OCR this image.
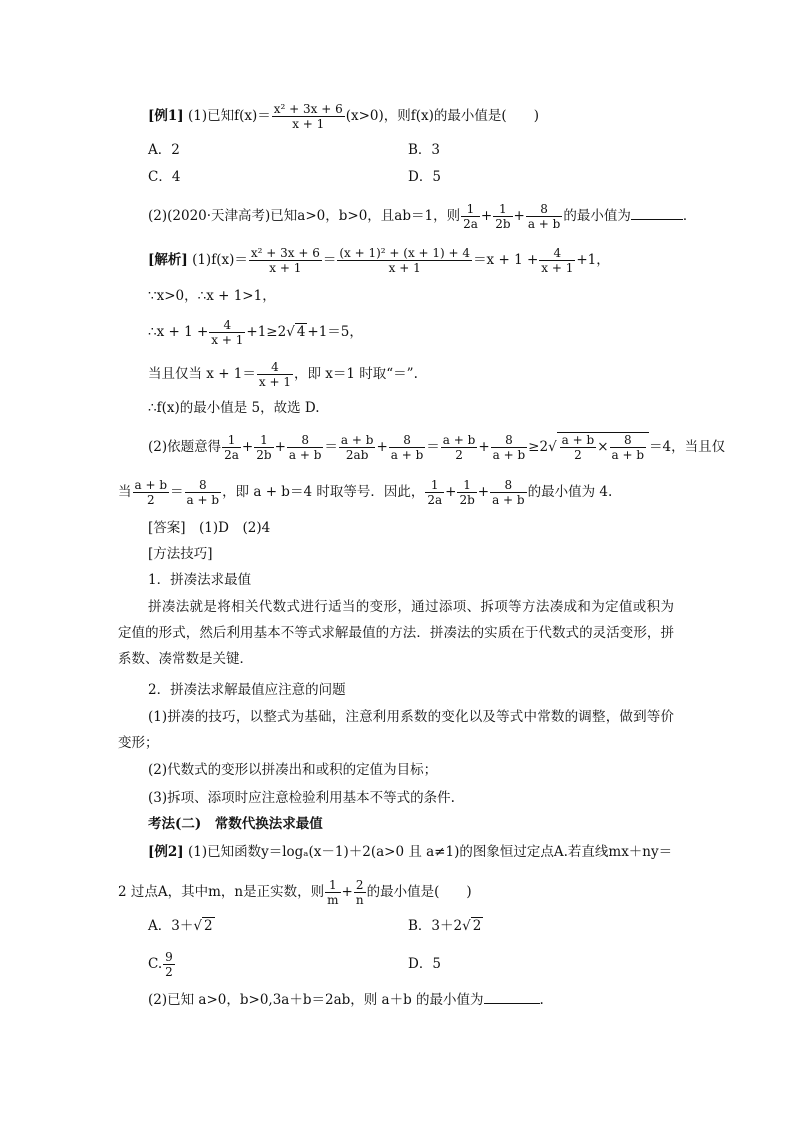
[例1] (1)已知$f(x)= \frac{\text{x² + 3x + 6}}{x + 1} (x>0)$，则f(x)的最小值是(　　)
A．2	B．3
C．4	D．5
(2)(2020·天津高考)已知a>0，b>0，且ab＝1，则 $\frac{1}{2a} + \frac{1}{2b} + \frac{8}{a + b}$ 的最小值为	．
[解析] $(1)f(x)= \frac{\text{x² + 3x + 6}}{x + 1} = \frac{\text{(x + 1)² + (x + 1) + 4}}{x + 1} =x + 1 + \frac{4}{x + 1} +1$，
∵x>0，∴x + 1>1，
∴x + $1 + \frac{4}{x + 1} +1\ge 2√$ 4 +1＝5，
当且仅当 $x + 1= \frac{4}{x + 1}$ ，即 x＝1 时取“＝”.
∴f(x)的最小值是 5，故选 D.
(2)依题意得 $\frac{1}{2a} + \frac{1}{2b} + \frac{8}{a + b} = \frac{a + b}{2ab} + \frac{8}{a + b} = \frac{a + b}{2} + \frac{8}{a + b} \ge 2√ \frac{a + b}{2} \times \frac{8}{a + b} =4$，当且仅
当 $\frac{a + b}{2} = \frac{8}{a + b}$ ，即 a + b＝4 时取等号．因此， $\frac{1}{2a} + \frac{1}{2b} + \frac{8}{a + b}$ 的最小值为 4.
[答案]　(1)D　(2)4
[方法技巧]
1．拼凑法求最值
拼凑法就是将相关代数式进行适当的变形，通过添项、拆项等方法凑成和为定值或积为定值的形式，然后利用基本不等式求解最值的方法．拼凑法的实质在于代数式的灵活变形，拼系数、凑常数是关键．
2．拼凑法求解最值应注意的问题
(1)拼凑的技巧，以整式为基础，注意利用系数的变化以及等式中常数的调整，做到等价变形；
(2)代数式的变形以拼凑出和或积的定值为目标；
(3)拆项、添项时应注意检验利用基本不等式的条件.
考法(二)　常数代换法求最值
[例2] (1)已知函数y＝logₐ(x－1)＋2(a>0 且 a≠1)的图象恒过定点A.若直线mx＋ny＝
2 过点A，其中m，n是正实数，则 $\frac{1}{m} + \frac{2}{n}$ 的最小值是(　　)
A．3＋√ 2	B．3＋2√ 2
C. $\frac{9}{2}$	D．5
(2)已知 a>0，b>0,3a＋b＝2ab，则 a＋b 的最小值为	.
